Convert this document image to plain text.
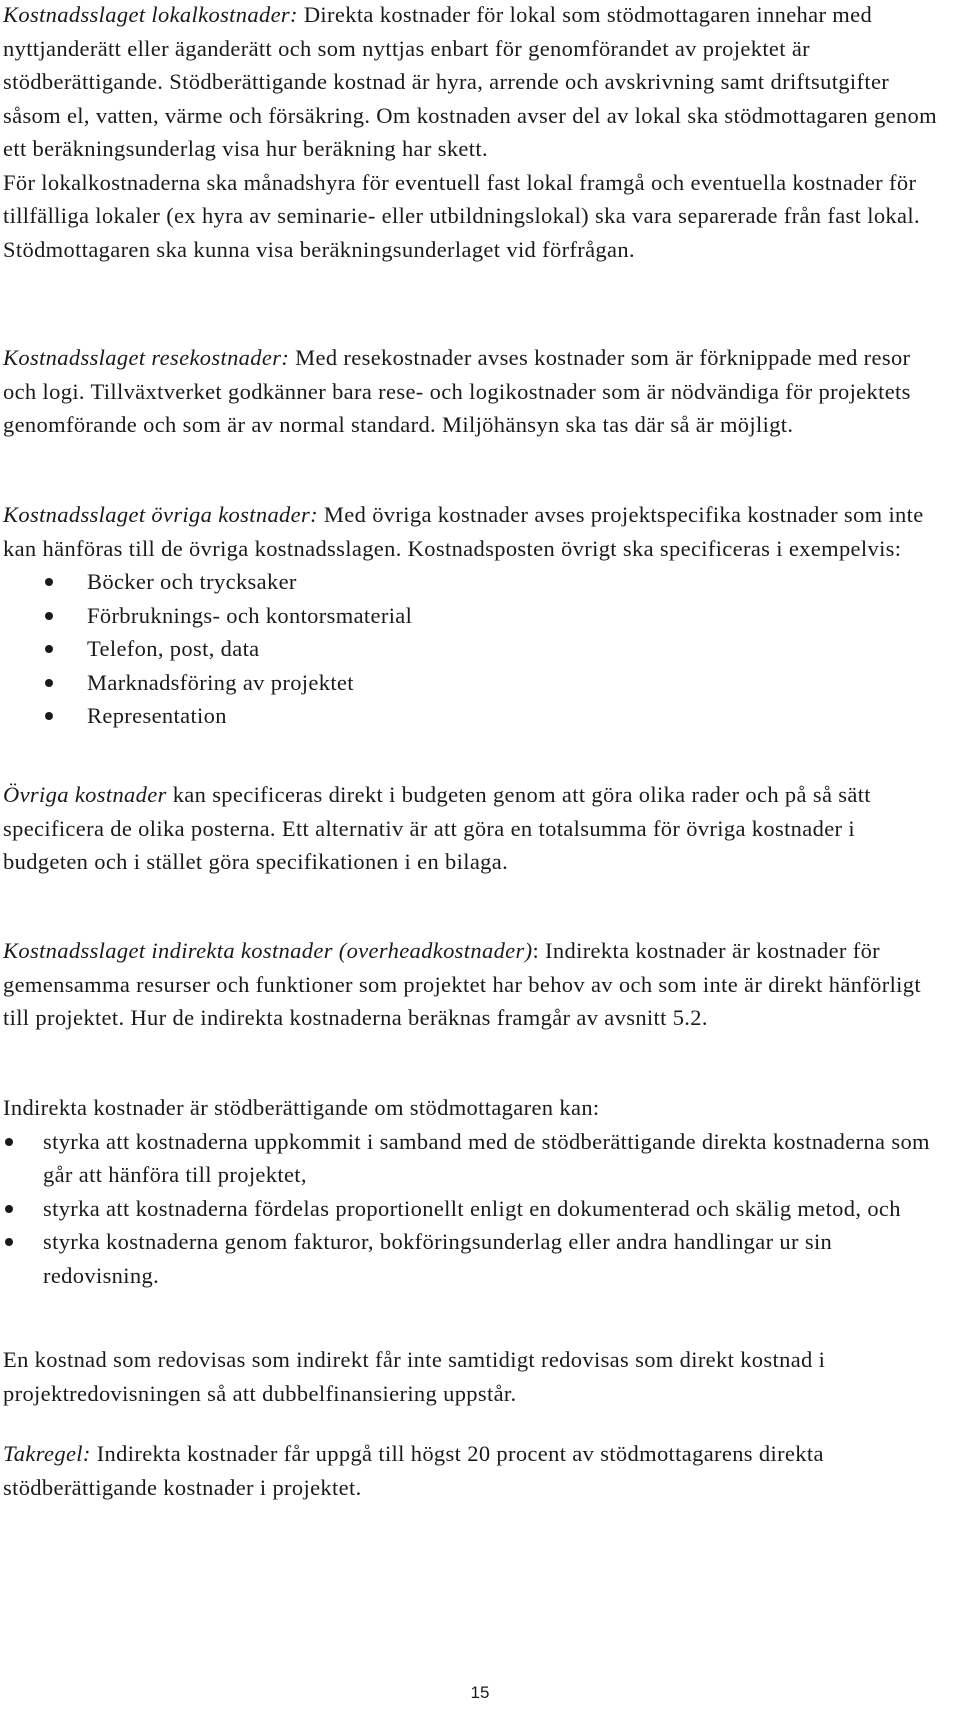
Kostnadsslaget lokalkostnader: Direkta kostnader för lokal som stödmottagaren innehar med nyttjanderätt eller äganderätt och som nyttjas enbart för genomförandet av projektet är stödberättigande. Stödberättigande kostnad är hyra, arrende och avskrivning samt driftsutgifter såsom el, vatten, värme och försäkring. Om kostnaden avser del av lokal ska stödmottagaren genom ett beräkningsunderlag visa hur beräkning har skett.

För lokalkostnaderna ska månadshyra för eventuell fast lokal framgå och eventuella kostnader för tillfälliga lokaler (ex hyra av seminarie- eller utbildningslokal) ska vara separerade från fast lokal.

Stödmottagaren ska kunna visa beräkningsunderlaget vid förfrågan.

Kostnadsslaget resekostnader: Med resekostnader avses kostnader som är förknippade med resor och logi. Tillväxtverket godkänner bara rese- och logikostnader som är nödvändiga för projektets genomförande och som är av normal standard. Miljöhänsyn ska tas där så är möjligt.

Kostnadsslaget övriga kostnader: Med övriga kostnader avses projektspecifika kostnader som inte kan hänföras till de övriga kostnadsslagen. Kostnadsposten övrigt ska specificeras i exempelvis:

Böcker och trycksaker
Förbruknings- och kontorsmaterial
Telefon, post, data
Marknadsföring av projektet
Representation

Övriga kostnader kan specificeras direkt i budgeten genom att göra olika rader och på så sätt specificera de olika posterna. Ett alternativ är att göra en totalsumma för övriga kostnader i budgeten och i stället göra specifikationen i en bilaga.

Kostnadsslaget indirekta kostnader (overheadkostnader): Indirekta kostnader är kostnader för gemensamma resurser och funktioner som projektet har behov av och som inte är direkt hänförligt till projektet. Hur de indirekta kostnaderna beräknas framgår av avsnitt 5.2.

Indirekta kostnader är stödberättigande om stödmottagaren kan:

styrka att kostnaderna uppkommit i samband med de stödberättigande direkta kostnaderna som går att hänföra till projektet,
styrka att kostnaderna fördelas proportionellt enligt en dokumenterad och skälig metod, och
styrka kostnaderna genom fakturor, bokföringsunderlag eller andra handlingar ur sin redovisning.

En kostnad som redovisas som indirekt får inte samtidigt redovisas som direkt kostnad i projektredovisningen så att dubbelfinansiering uppstår.

Takregel: Indirekta kostnader får uppgå till högst 20 procent av stödmottagarens direkta stödberättigande kostnader i projektet.

15
